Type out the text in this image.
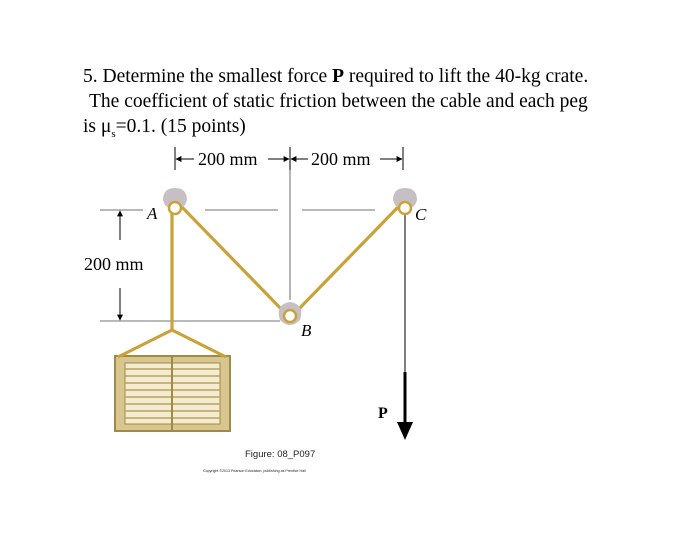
5. Determine the smallest force P required to lift the 40-kg crate.

The coefficient of static friction between the cable and each peg

is $\mu_s=0.1$. (15 points)

200 mm	200 mm
200 mm
A
B
C
P
Figure: 08_P097
Copyright ©2013 Pearson Education, publishing as Prentice Hall
